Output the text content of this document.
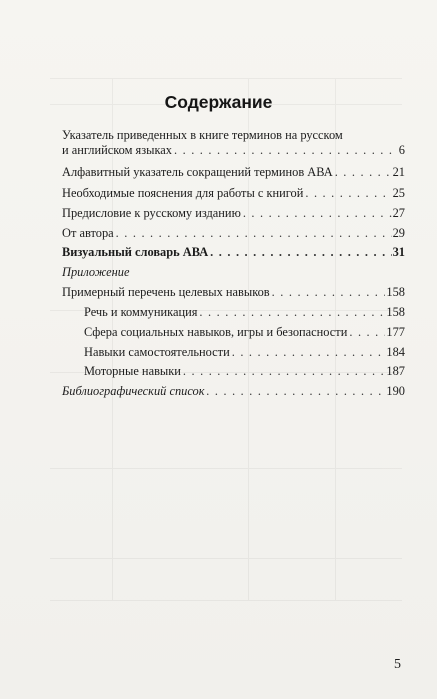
Содержание
Указатель приведенных в книге терминов на русском
и английском языках . . .	6
Алфавитный указатель сокращений терминов АВА . . .	21
Необходимые пояснения для работы с книгой . . .	25
Предисловие к русскому изданию . . .	27
От автора . . .	29
Визуальный словарь АВА . . .	31
Приложение
Примерный перечень целевых навыков . . .	158
Речь и коммуникация . . .	158
Сфера социальных навыков, игры и безопасности . . .	177
Навыки самостоятельности . . .	184
Моторные навыки . . .	187
Библиографический список . . .	190
5
